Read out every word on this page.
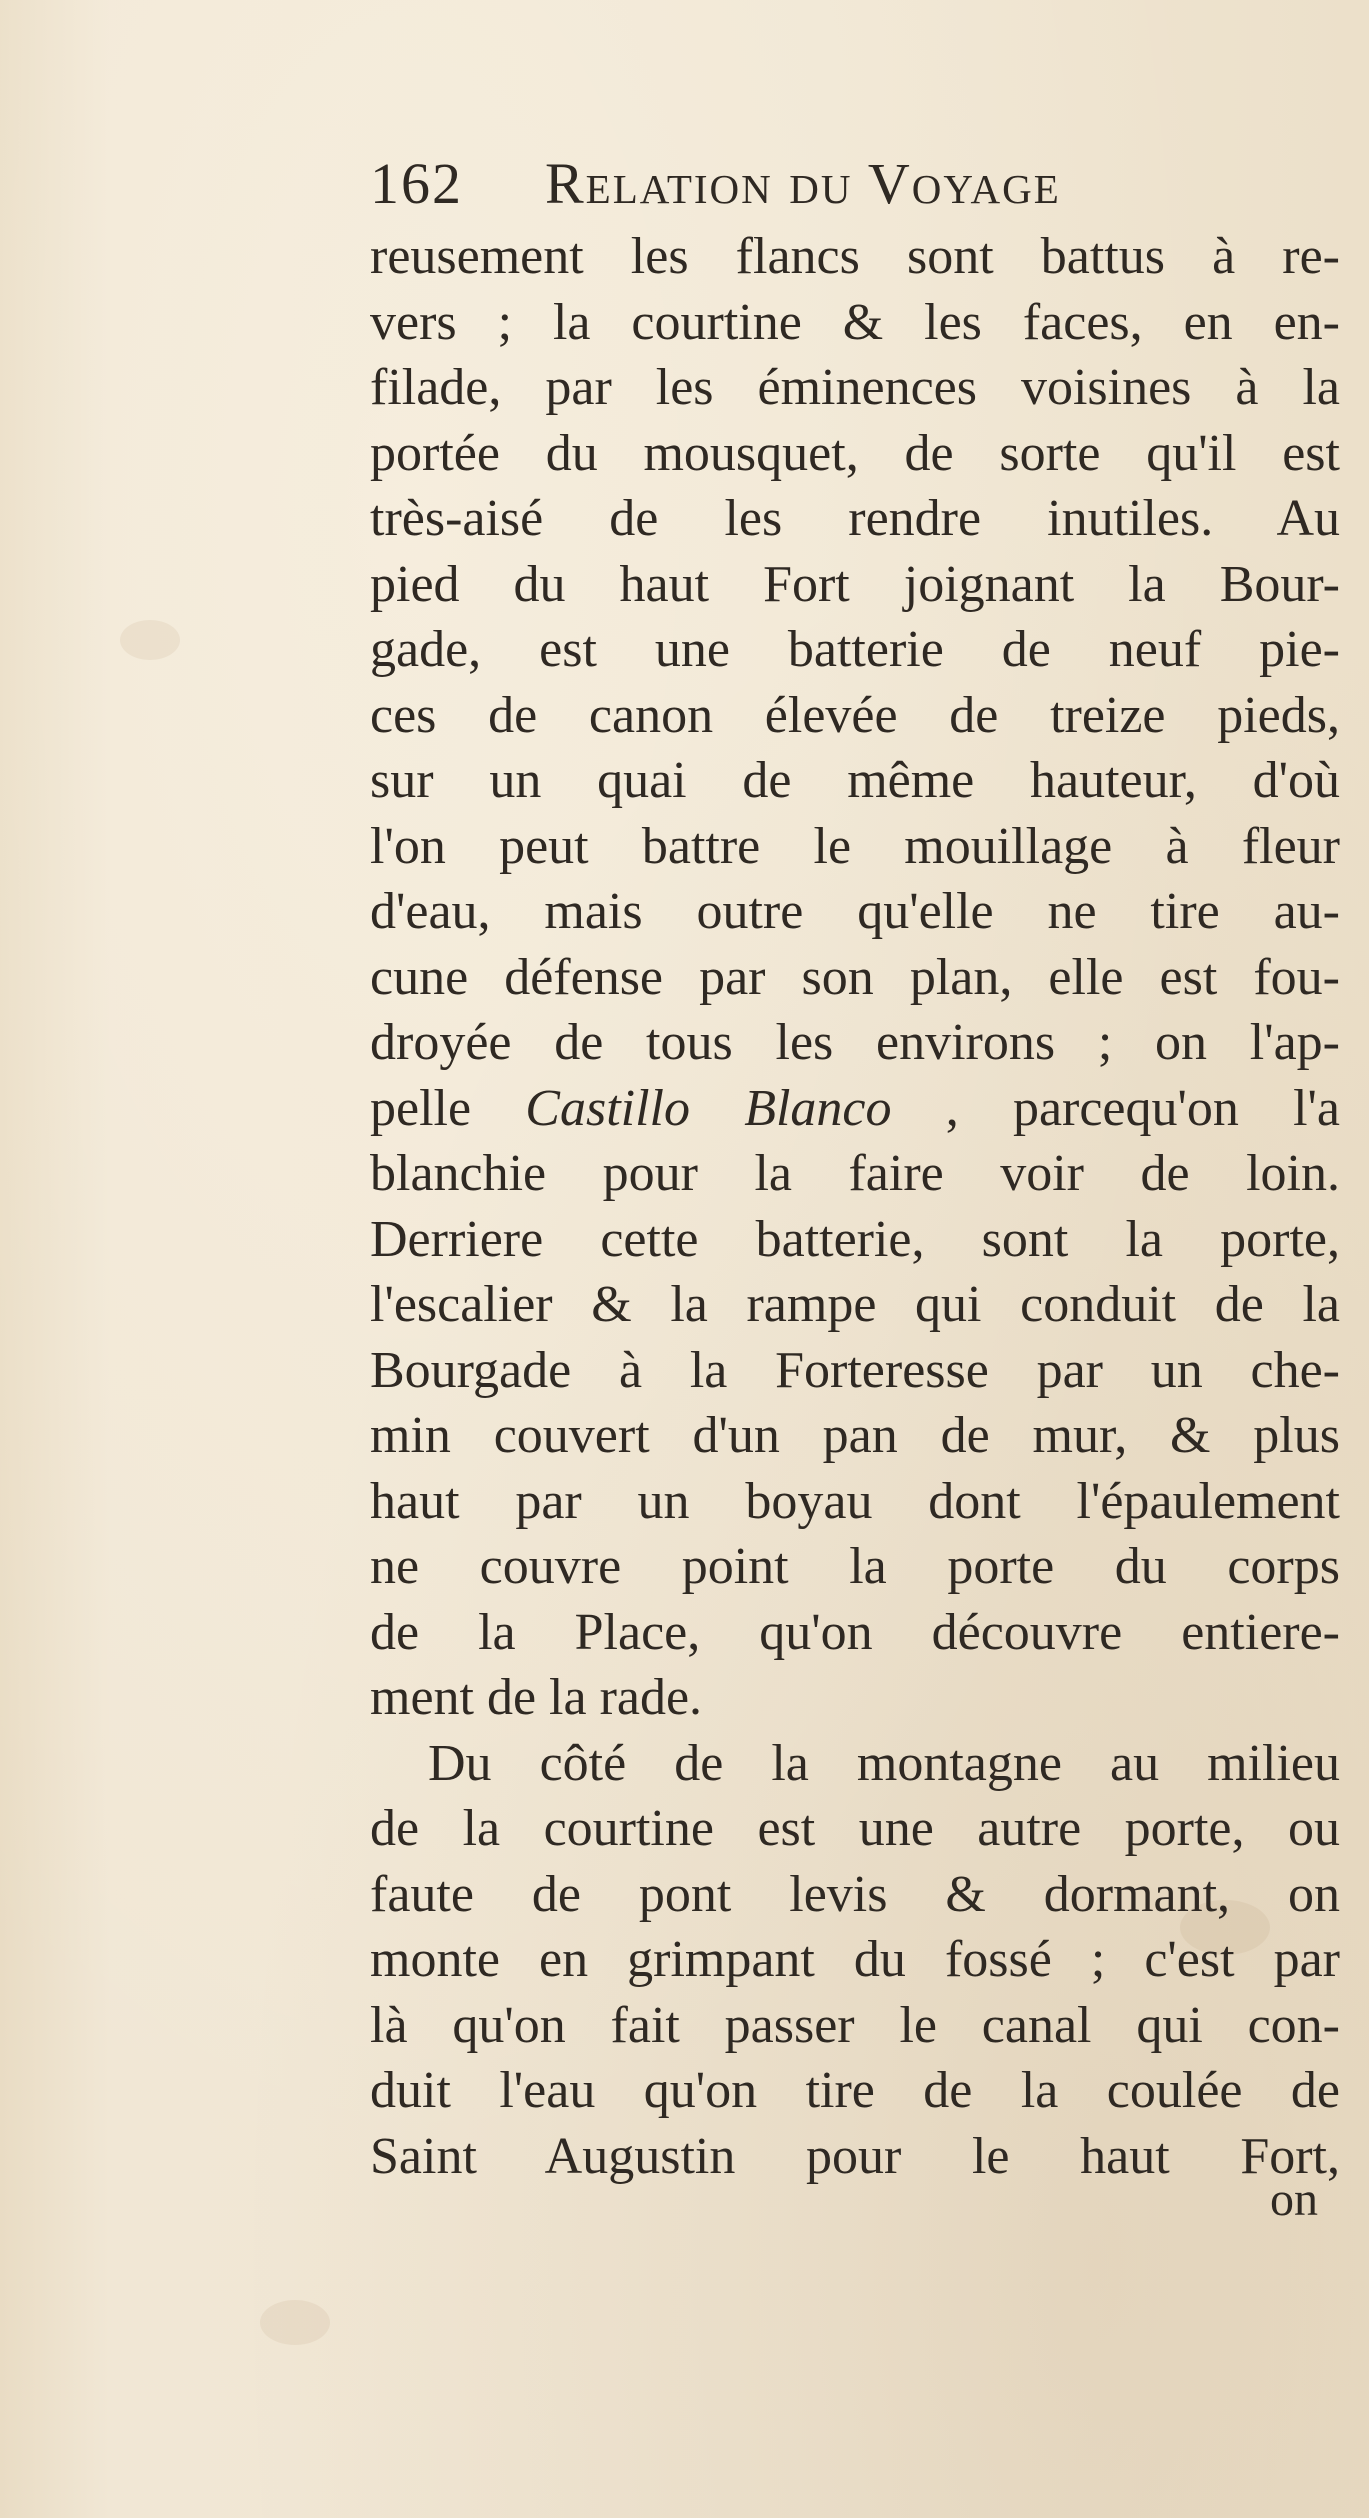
162 Relation du Voyage
reusement les flancs sont battus à re-
vers ; la courtine & les faces, en en-
filade, par les éminences voisines à la
portée du mousquet, de sorte qu'il est
très-aisé de les rendre inutiles. Au
pied du haut Fort joignant la Bour-
gade, est une batterie de neuf pie-
ces de canon élevée de treize pieds,
sur un quai de même hauteur, d'où
l'on peut battre le mouillage à fleur
d'eau, mais outre qu'elle ne tire au-
cune défense par son plan, elle est fou-
droyée de tous les environs ; on l'ap-
pelle Castillo Blanco , parcequ'on l'a
blanchie pour la faire voir de loin.
Derriere cette batterie, sont la porte,
l'escalier & la rampe qui conduit de la
Bourgade à la Forteresse par un che-
min couvert d'un pan de mur, & plus
haut par un boyau dont l'épaulement
ne couvre point la porte du corps
de la Place, qu'on découvre entiere-
ment de la rade.
Du côté de la montagne au milieu
de la courtine est une autre porte, ou
faute de pont levis & dormant, on
monte en grimpant du fossé ; c'est par
là qu'on fait passer le canal qui con-
duit l'eau qu'on tire de la coulée de
Saint Augustin pour le haut Fort,
on
